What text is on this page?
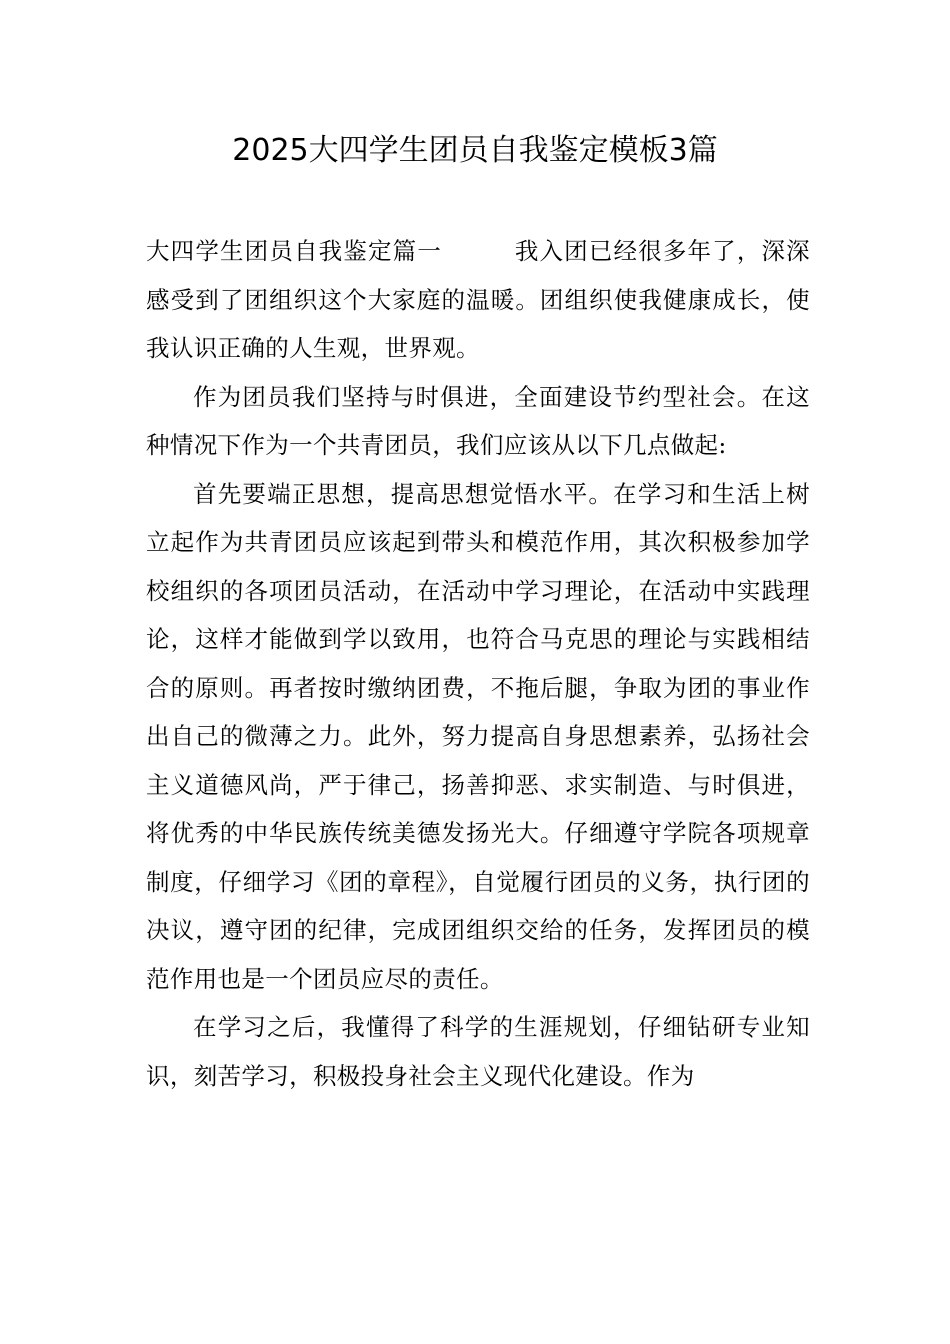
2025大四学生团员自我鉴定模板3篇

大四学生团员自我鉴定篇一	我入团已经很多年了，深深感受到了团组织这个大家庭的温暖。团组织使我健康成长，使我认识正确的人生观，世界观。

作为团员我们坚持与时俱进，全面建设节约型社会。在这种情况下作为一个共青团员，我们应该从以下几点做起:

首先要端正思想，提高思想觉悟水平。在学习和生活上树立起作为共青团员应该起到带头和模范作用，其次积极参加学校组织的各项团员活动，在活动中学习理论，在活动中实践理论，这样才能做到学以致用，也符合马克思的理论与实践相结合的原则。再者按时缴纳团费，不拖后腿，争取为团的事业作出自己的微薄之力。此外，努力提高自身思想素养，弘扬社会主义道德风尚，严于律己，扬善抑恶、求实制造、与时俱进，将优秀的中华民族传统美德发扬光大。仔细遵守学院各项规章制度，仔细学习《团的章程》，自觉履行团员的义务，执行团的决议，遵守团的纪律，完成团组织交给的任务，发挥团员的模范作用也是一个团员应尽的责任。

在学习之后，我懂得了科学的生涯规划，仔细钻研专业知识，刻苦学习，积极投身社会主义现代化建设。作为
